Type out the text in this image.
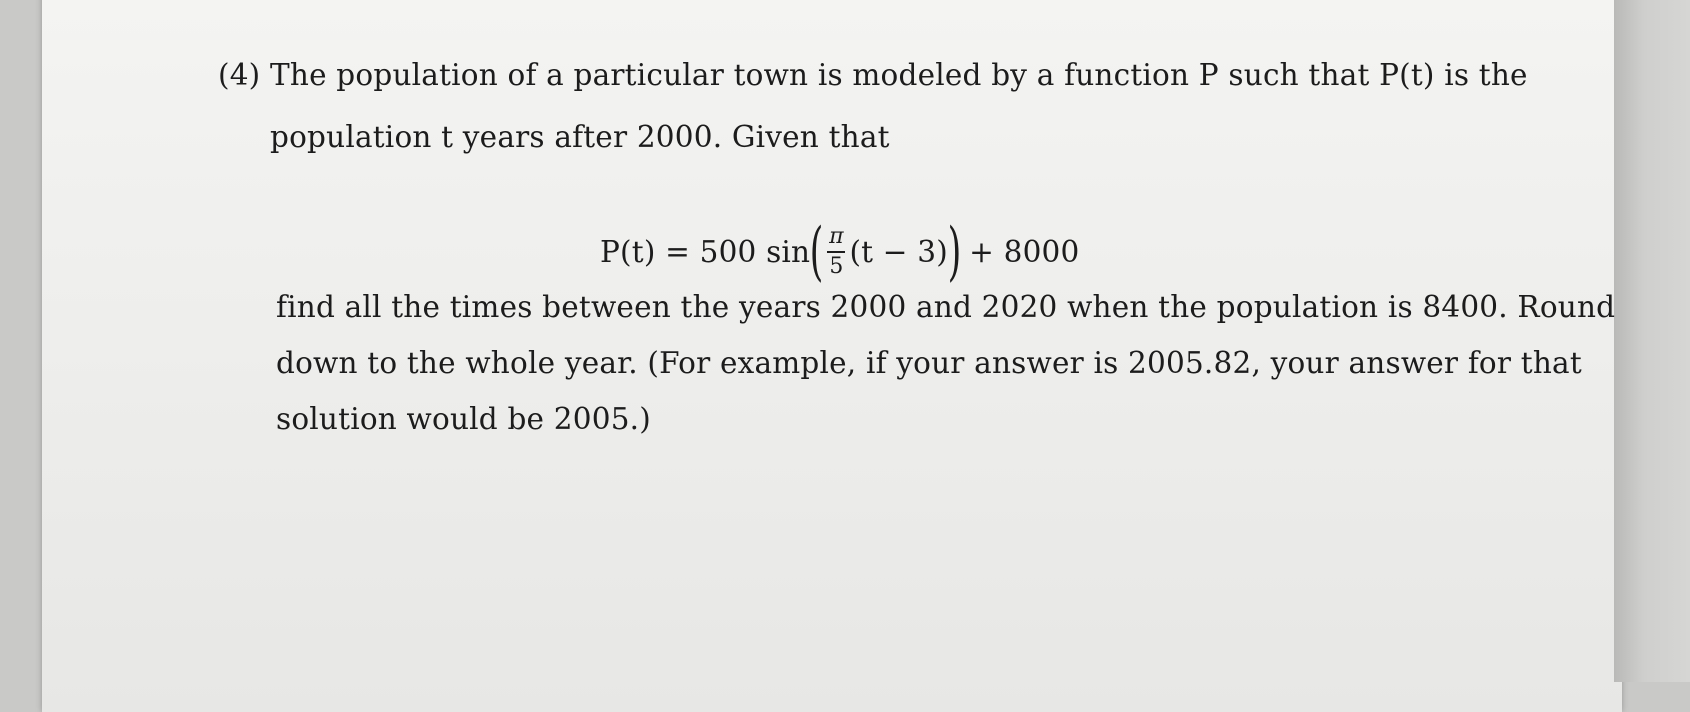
(4) The population of a particular town is modeled by a function P such that P(t) is the
population t years after 2000. Given that
P(t) = 500 sin ( $\frac{\pi}{5} (t - 3)$ ) + 8000
find all the times between the years 2000 and 2020 when the population is 8400. Round
down to the whole year. (For example, if your answer is 2005.82, your answer for that
solution would be 2005.)
